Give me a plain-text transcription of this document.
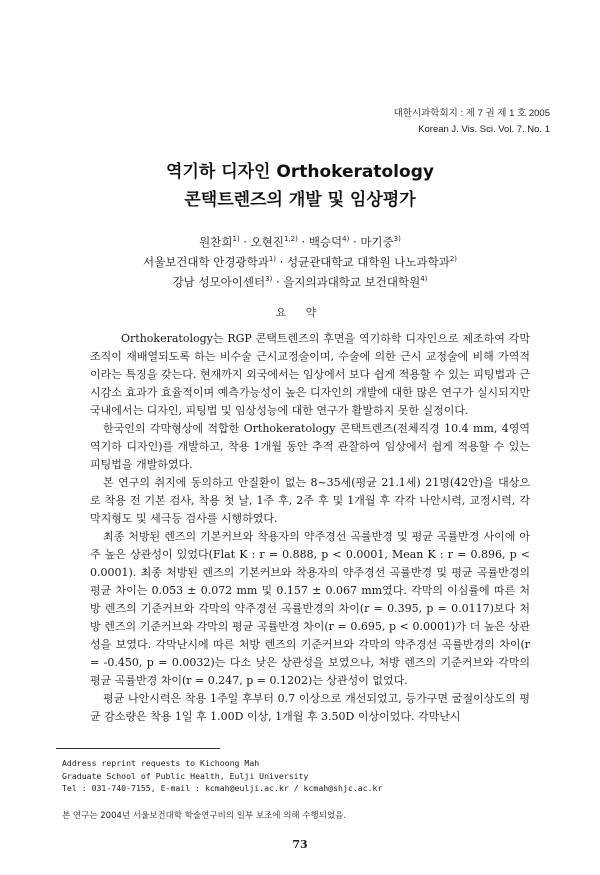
대한시과학회지 : 제 7 권 제 1 호 2005
Korean J. Vis. Sci. Vol. 7. No. 1
역기하 디자인 Orthokeratology
콘택트렌즈의 개발 및 임상평가
원찬희$^{1)}$ · 오현진$^{1,2)}$ · 백승덕$^{4)}$ · 마기중$^{3)}$
서울보건대학 안경광학과$^{1)}$ · 성균관대학교 대학원 나노과학과$^{2)}$
강남 성모아이센터$^{3)}$ · 을지의과대학교 보건대학원$^{4)}$
요 약

Orthokeratology는 RGP 콘택트렌즈의 후면을 역기하학 디자인으로 제조하여 각막조직이 재배열되도록 하는 비수술 근시교정술이며, 수술에 의한 근시 교정술에 비해 가역적이라는 특징을 갖는다. 현재까지 외국에서는 임상에서 보다 쉽게 적용할 수 있는 피팅법과 근시감소 효과가 효율적이며 예측가능성이 높은 디자인의 개발에 대한 많은 연구가 실시되지만 국내에서는 디자인, 피팅법 및 임상성능에 대한 연구가 활발하지 못한 실정이다.

한국인의 각막형상에 적합한 Orthokeratology 콘택트렌즈(전체직경 10.4 mm, 4영역 역기하 디자인)를 개발하고, 착용 1개월 동안 추적 관찰하여 임상에서 쉽게 적용할 수 있는 피팅법을 개발하였다.

본 연구의 취지에 동의하고 안질환이 없는 8~35세(평균 21.1세) 21명(42안)을 대상으로 착용 전 기본 검사, 착용 첫 날, 1주 후, 2주 후 및 1개월 후 각각 나안시력, 교정시력, 각막지형도 및 세극등 검사를 시행하였다.

최종 처방된 렌즈의 기본커브와 착용자의 약주경선 곡률반경 및 평균 곡률반경 사이에 아주 높은 상관성이 있었다(Flat K : r = 0.888, p < 0.0001, Mean K : r = 0.896, p < 0.0001). 최종 처방된 렌즈의 기본커브와 착용자의 약주경선 곡률반경 및 평균 곡률반경의 평균 차이는 0.053 ± 0.072 mm 및 0.157 ± 0.067 mm였다. 각막의 이심률에 따른 처방 렌즈의 기준커브와 각막의 약주경선 곡률반경의 차이(r = 0.395, p = 0.0117)보다 처방 렌즈의 기준커브와 각막의 평균 곡률반경 차이(r = 0.695, p < 0.0001)가 더 높은 상관성을 보였다. 각막난시에 따른 처방 렌즈의 기준커브와 각막의 약주경선 곡률반경의 차이(r = -0.450, p = 0.0032)는 다소 낮은 상관성을 보였으나, 처방 렌즈의 기준커브와 각막의 평균 곡률반경 차이(r = 0.247, p = 0.1202)는 상관성이 없었다.

평균 나안시력은 착용 1주일 후부터 0.7 이상으로 개선되었고, 등가구면 굴절이상도의 평균 감소량은 착용 1일 후 1.00D 이상, 1개월 후 3.50D 이상이었다. 각막난시

Address reprint requests to Kichoong Mah
Graduate School of Public Health, Eulji University
Tel : 031-740-7155, E-mail : kcmah@eulji.ac.kr / kcmah@shjc.ac.kr
본 연구는 2004년 서울보건대학 학술연구비의 일부 보조에 의해 수행되었음.
73
